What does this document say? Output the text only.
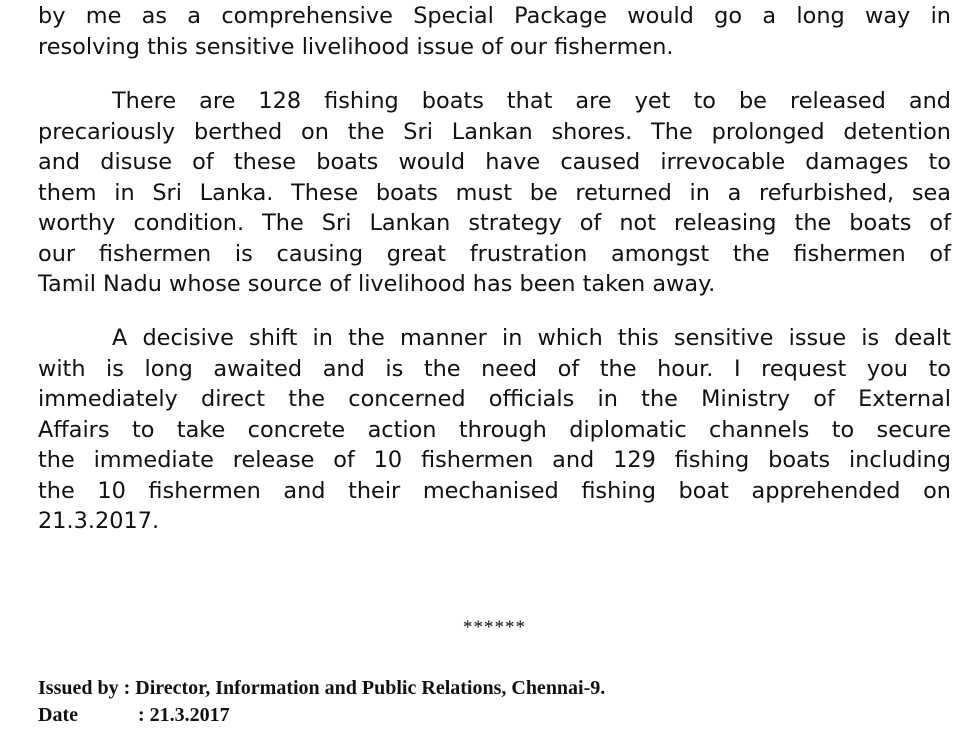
by me as a comprehensive Special Package would go a long way in
resolving this sensitive livelihood issue of our fishermen.
There are 128 fishing boats that are yet to be released and
precariously berthed on the Sri Lankan shores. The prolonged detention
and disuse of these boats would have caused irrevocable damages to
them in Sri Lanka. These boats must be returned in a refurbished, sea
worthy condition. The Sri Lankan strategy of not releasing the boats of
our fishermen is causing great frustration amongst the fishermen of
Tamil Nadu whose source of livelihood has been taken away.
A decisive shift in the manner in which this sensitive issue is dealt
with is long awaited and is the need of the hour. I request you to
immediately direct the concerned officials in the Ministry of External
Affairs to take concrete action through diplomatic channels to secure
the immediate release of 10 fishermen and 129 fishing boats including
the 10 fishermen and their mechanised fishing boat apprehended on
21.3.2017.
******
Issued by : Director, Information and Public Relations, Chennai-9.
Date	: 21.3.2017
